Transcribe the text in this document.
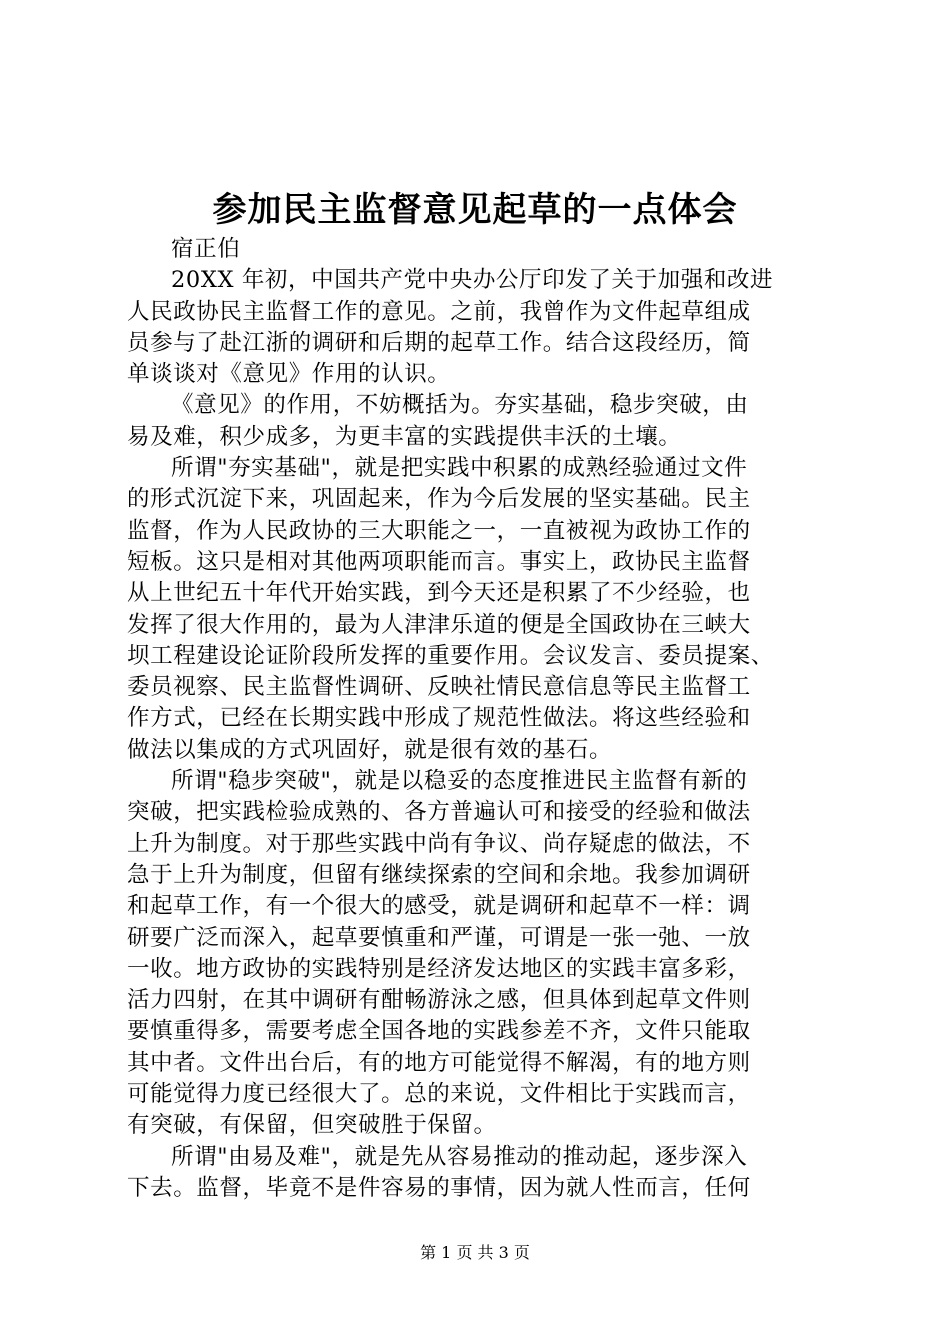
参加民主监督意见起草的一点体会

宿正伯

20XX 年初，中国共产党中央办公厅印发了关于加强和改进

人民政协民主监督工作的意见。之前，我曾作为文件起草组成

员参与了赴江浙的调研和后期的起草工作。结合这段经历，简

单谈谈对《意见》作用的认识。

《意见》的作用，不妨概括为。夯实基础，稳步突破，由

易及难，积少成多，为更丰富的实践提供丰沃的土壤。

所谓"夯实基础"，就是把实践中积累的成熟经验通过文件

的形式沉淀下来，巩固起来，作为今后发展的坚实基础。民主

监督，作为人民政协的三大职能之一，一直被视为政协工作的

短板。这只是相对其他两项职能而言。事实上，政协民主监督

从上世纪五十年代开始实践，到今天还是积累了不少经验，也

发挥了很大作用的，最为人津津乐道的便是全国政协在三峡大

坝工程建设论证阶段所发挥的重要作用。会议发言、委员提案、

委员视察、民主监督性调研、反映社情民意信息等民主监督工

作方式，已经在长期实践中形成了规范性做法。将这些经验和

做法以集成的方式巩固好，就是很有效的基石。

所谓"稳步突破"，就是以稳妥的态度推进民主监督有新的

突破，把实践检验成熟的、各方普遍认可和接受的经验和做法

上升为制度。对于那些实践中尚有争议、尚存疑虑的做法，不

急于上升为制度，但留有继续探索的空间和余地。我参加调研

和起草工作，有一个很大的感受，就是调研和起草不一样：调

研要广泛而深入，起草要慎重和严谨，可谓是一张一弛、一放

一收。地方政协的实践特别是经济发达地区的实践丰富多彩，

活力四射，在其中调研有酣畅游泳之感，但具体到起草文件则

要慎重得多，需要考虑全国各地的实践参差不齐，文件只能取

其中者。文件出台后，有的地方可能觉得不解渴，有的地方则

可能觉得力度已经很大了。总的来说，文件相比于实践而言，

有突破，有保留，但突破胜于保留。

所谓"由易及难"，就是先从容易推动的推动起，逐步深入

下去。监督，毕竟不是件容易的事情，因为就人性而言，任何

第 1 页 共 3 页
